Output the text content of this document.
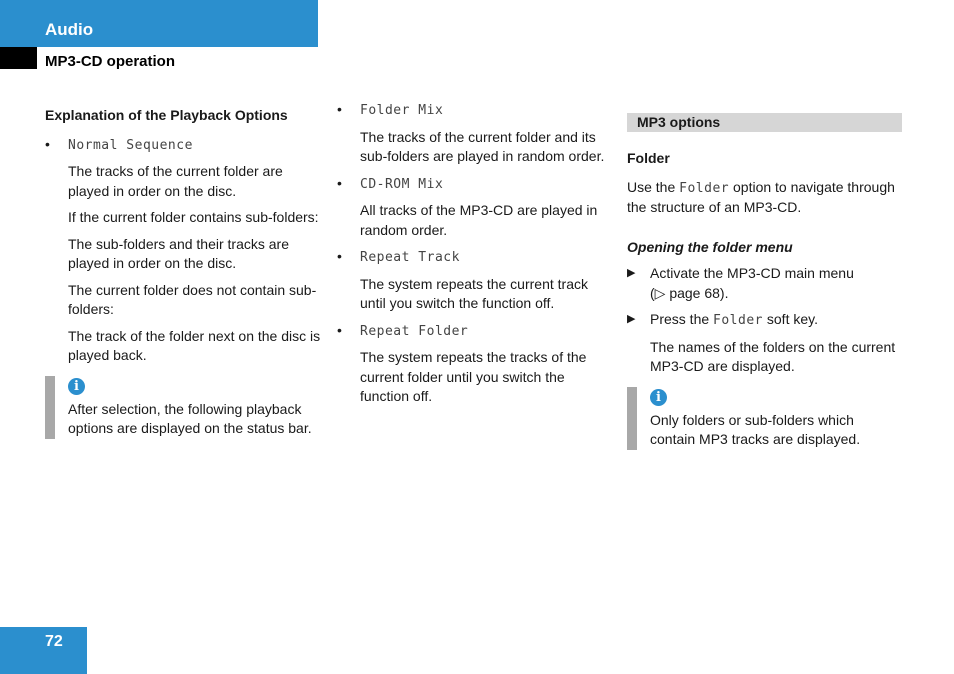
Audio
MP3-CD operation

Explanation of the Playback Options

• Normal Sequence

The tracks of the current folder are played in order on the disc.

If the current folder contains sub-folders:

The sub-folders and their tracks are played in order on the disc.

The current folder does not contain sub-folders:

The track of the folder next on the disc is played back.

i

After selection, the following playback options are displayed on the status bar.

• Folder Mix

The tracks of the current folder and its sub-folders are played in random order.

• CD-ROM Mix

All tracks of the MP3-CD are played in random order.

• Repeat Track

The system repeats the current track until you switch the function off.

• Repeat Folder

The system repeats the tracks of the current folder until you switch the function off.

MP3 options

Folder

Use the Folder option to navigate through the structure of an MP3-CD.

Opening the folder menu

▶ Activate the MP3-CD main menu
(▷ page 68).

▶ Press the Folder soft key.

The names of the folders on the current MP3-CD are displayed.

i

Only folders or sub-folders which contain MP3 tracks are displayed.

72
